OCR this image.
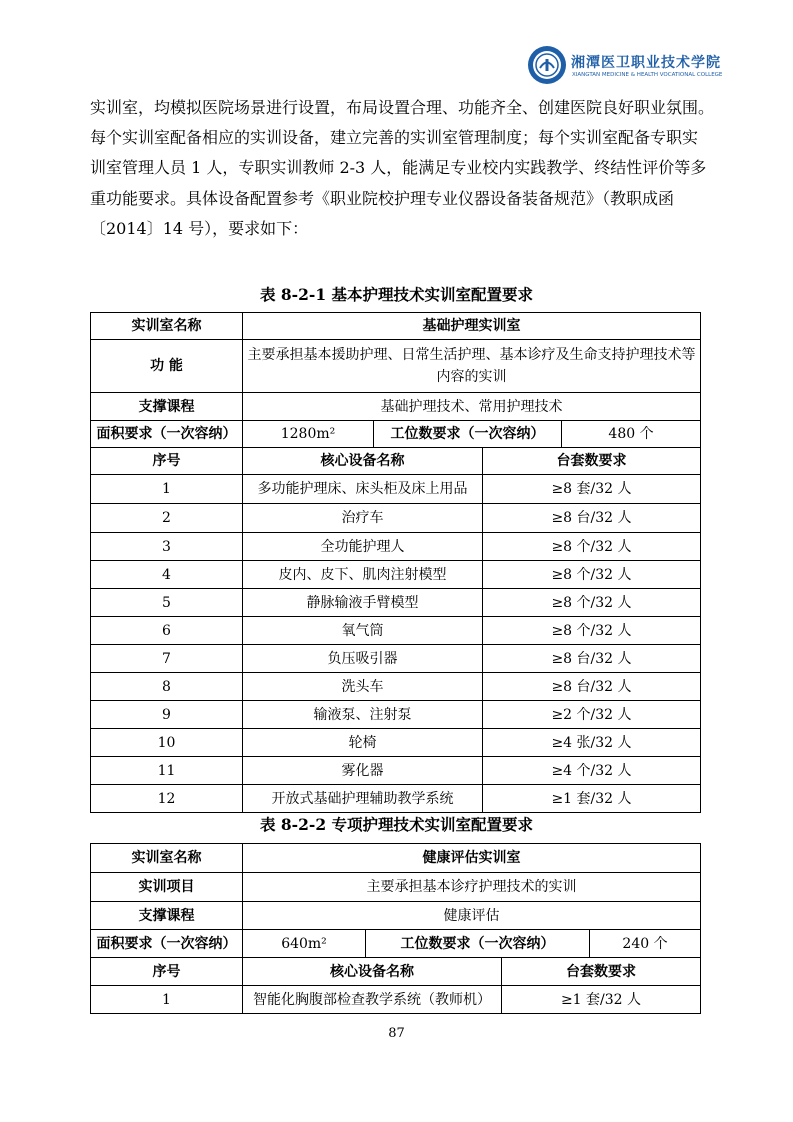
湘潭医卫职业技术学院
XIANGTAN MEDICINE & HEALTH VOCATIONAL COLLEGE
实训室，均模拟医院场景进行设置，布局设置合理、功能齐全、创建医院良好职业氛围。
每个实训室配备相应的实训设备，建立完善的实训室管理制度；每个实训室配备专职实
训室管理人员 1 人，专职实训教师 2-3 人，能满足专业校内实践教学、终结性评价等多
重功能要求。具体设备配置参考《职业院校护理专业仪器设备装备规范》（教职成函
〔2014〕14 号），要求如下：
表 8-2-1 基本护理技术实训室配置要求
实训室名称	基础护理实训室			
功 能	主要承担基本援助护理、日常生活护理、基本诊疗及生命支持护理技术等内容的实训			
支撑课程	基础护理技术、常用护理技术			
面积要求（一次容纳）	1280m²	工位数要求（一次容纳）		480 个
序号	核心设备名称		台套数要求	
1	多功能护理床、床头柜及床上用品		≥8 套/32 人	
2	治疗车		≥8 台/32 人	
3	全功能护理人		≥8 个/32 人	
4	皮内、皮下、肌肉注射模型		≥8 个/32 人	
5	静脉输液手臂模型		≥8 个/32 人	
6	氧气筒		≥8 个/32 人	
7	负压吸引器		≥8 台/32 人	
8	洗头车		≥8 台/32 人	
9	输液泵、注射泵		≥2 个/32 人	
10	轮椅		≥4 张/32 人	
11	雾化器		≥4 个/32 人	
12	开放式基础护理辅助教学系统		≥1 套/32 人	
表 8-2-2 专项护理技术实训室配置要求
实训室名称	健康评估实训室			
实训项目	主要承担基本诊疗护理技术的实训			
支撑课程	健康评估			
面积要求（一次容纳）	640m²	工位数要求（一次容纳）		240 个
序号	核心设备名称		台套数要求	
1	智能化胸腹部检查教学系统（教师机）		≥1 套/32 人	
87
